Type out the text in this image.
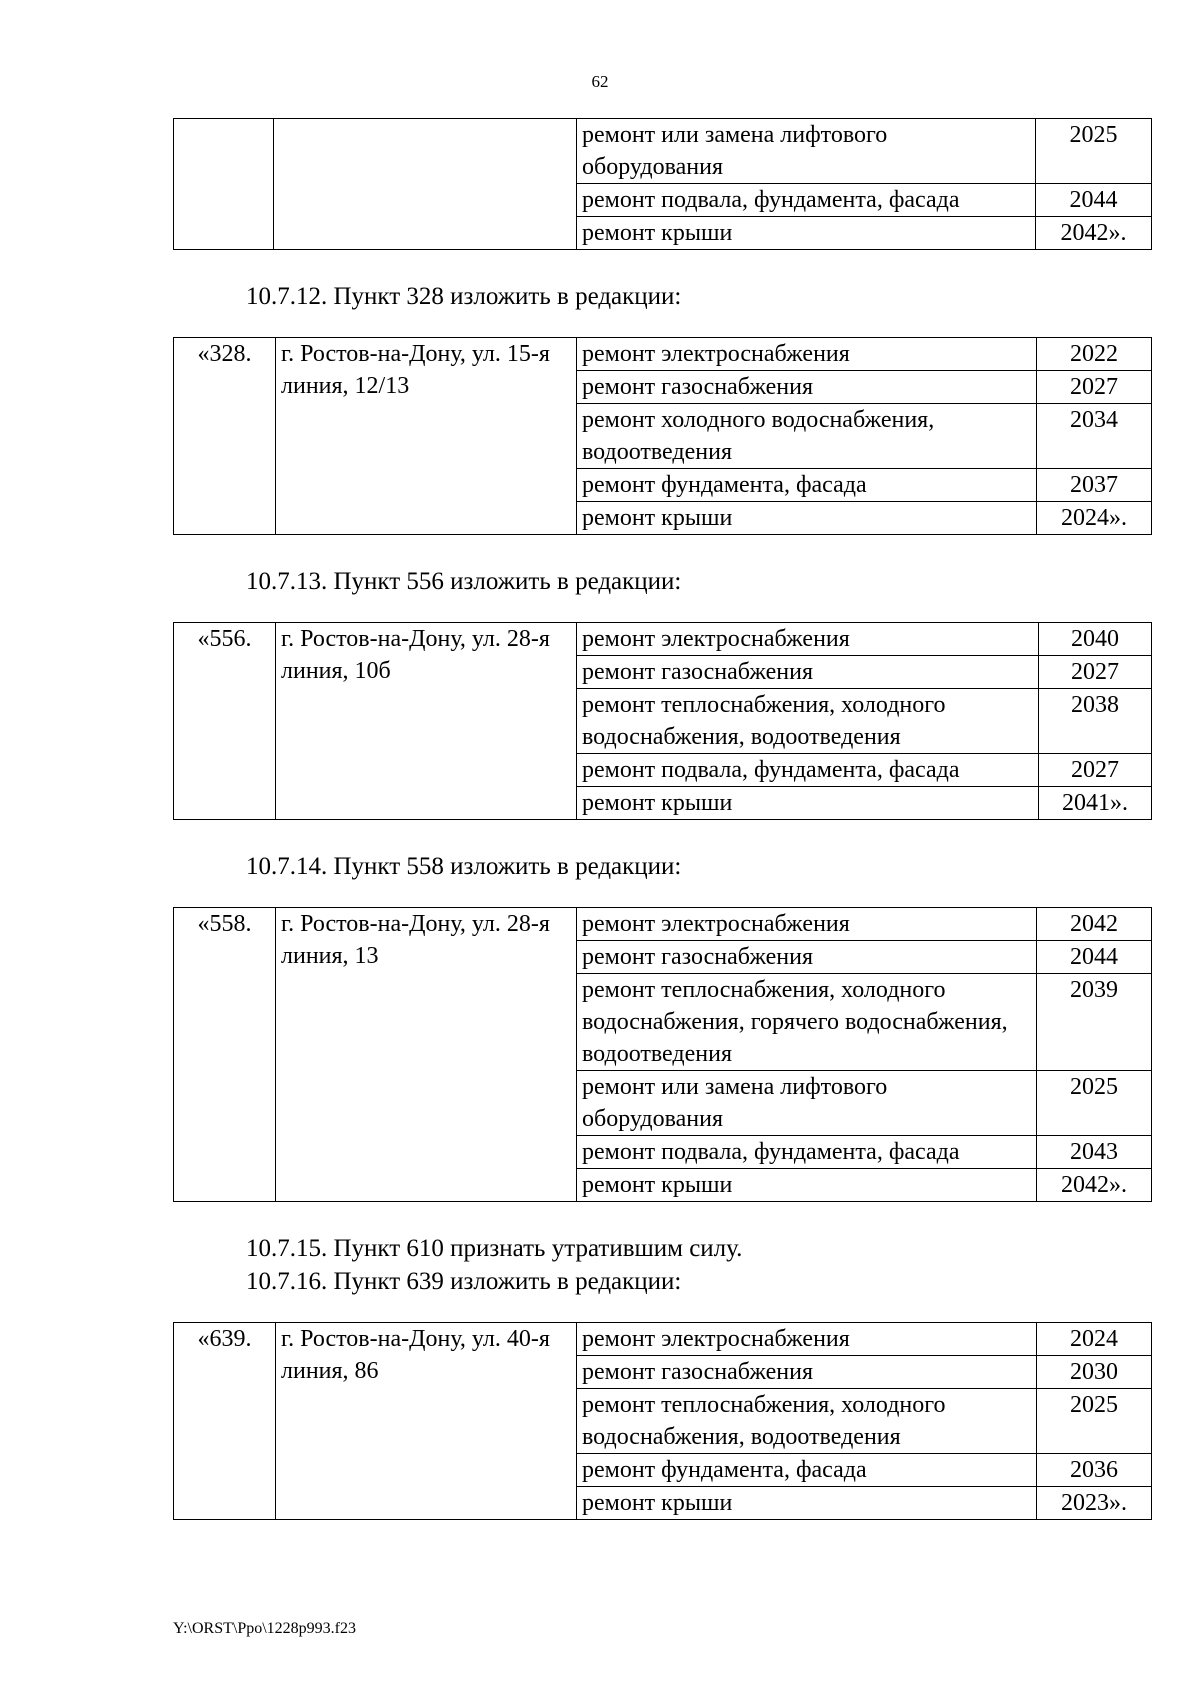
62
		ремонт или замена лифтового оборудования	2025
		ремонт подвала, фундамента, фасада	2044
		ремонт крыши	2042».
10.7.12. Пункт 328 изложить в редакции:
«328.	г. Ростов-на-Дону, ул. 15-я линия, 12/13	ремонт электроснабжения	2022
		ремонт газоснабжения	2027
		ремонт холодного водоснабжения, водоотведения	2034
		ремонт фундамента, фасада	2037
		ремонт крыши	2024».
10.7.13. Пункт 556 изложить в редакции:
«556.	г. Ростов-на-Дону, ул. 28-я линия, 10б	ремонт электроснабжения	2040
		ремонт газоснабжения	2027
		ремонт теплоснабжения, холодного водоснабжения, водоотведения	2038
		ремонт подвала, фундамента, фасада	2027
		ремонт крыши	2041».
10.7.14. Пункт 558 изложить в редакции:
«558.	г. Ростов-на-Дону, ул. 28-я линия, 13	ремонт электроснабжения	2042
		ремонт газоснабжения	2044
		ремонт теплоснабжения, холодного водоснабжения, горячего водоснабжения, водоотведения	2039
		ремонт или замена лифтового оборудования	2025
		ремонт подвала, фундамента, фасада	2043
		ремонт крыши	2042».
10.7.15. Пункт 610 признать утратившим силу.
10.7.16. Пункт 639 изложить в редакции:
«639.	г. Ростов-на-Дону, ул. 40-я линия, 86	ремонт электроснабжения	2024
		ремонт газоснабжения	2030
		ремонт теплоснабжения, холодного водоснабжения, водоотведения	2025
		ремонт фундамента, фасада	2036
		ремонт крыши	2023».
Y:\ORST\Ppo\1228p993.f23
